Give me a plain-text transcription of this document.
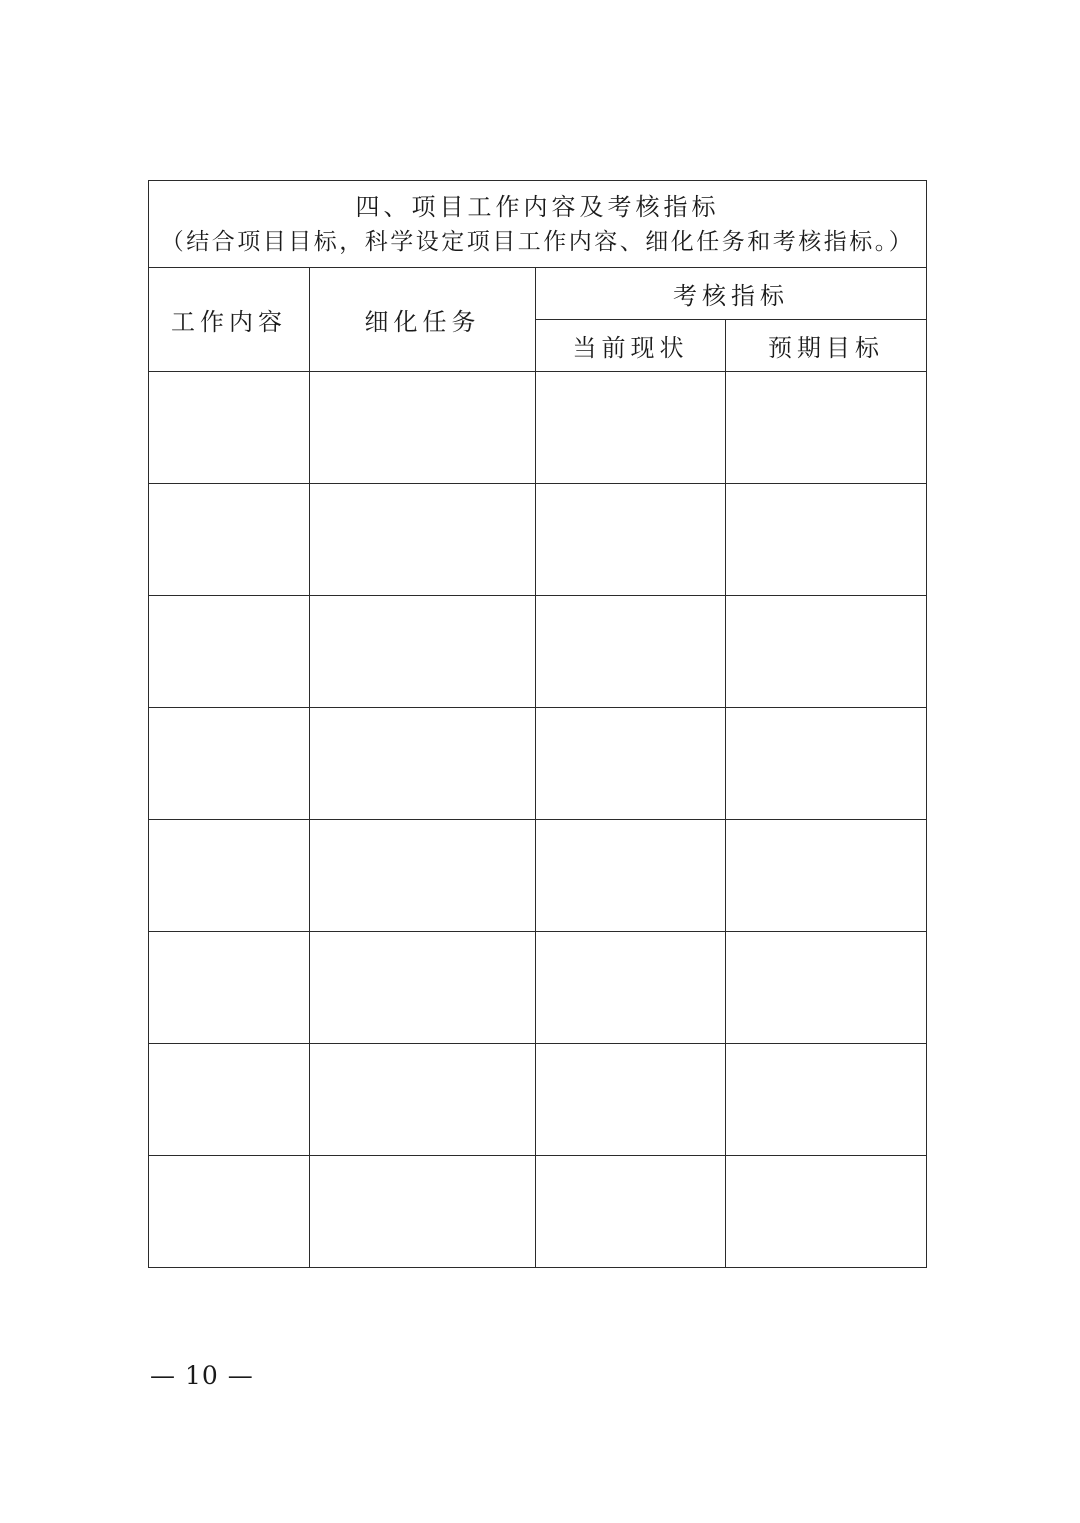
四、项目工作内容及考核指标
（结合项目目标，科学设定项目工作内容、细化任务和考核指标。）			

工作内容	细化任务	考核指标	
		当前现状	预期目标

— 10 —
